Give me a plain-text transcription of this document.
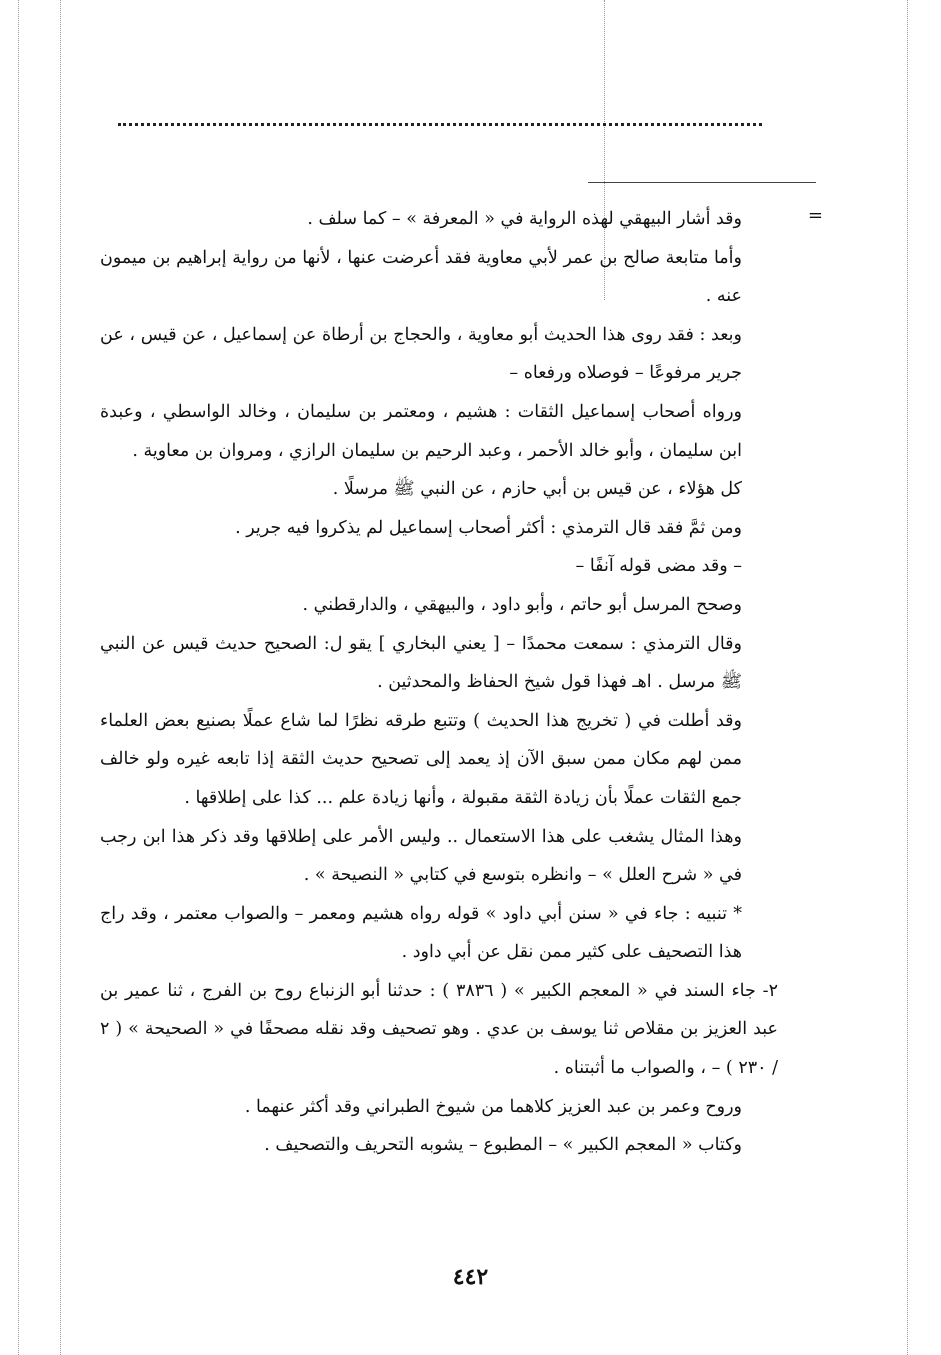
=

وقد أشار البيهقي لهذه الرواية في « المعرفة » – كما سلف .

وأما متابعة صالح بن عمر لأبي معاوية فقد أعرضت عنها ، لأنها من رواية إبراهيم بن ميمون عنه .

وبعد : فقد روى هذا الحديث أبو معاوية ، والحجاج بن أرطاة عن إسماعيل ، عن قيس ، عن جرير مرفوعًا – فوصلاه ورفعاه –

ورواه أصحاب إسماعيل الثقات : هشيم ، ومعتمر بن سليمان ، وخالد الواسطي ، وعبدة ابن سليمان ، وأبو خالد الأحمر ، وعبد الرحيم بن سليمان الرازي ، ومروان بن معاوية .

كل هؤلاء ، عن قيس بن أبي حازم ، عن النبي ﷺ مرسلًا .

ومن ثمَّ فقد قال الترمذي : أكثر أصحاب إسماعيل لم يذكروا فيه جرير .

– وقد مضى قوله آنفًا –

وصحح المرسل أبو حاتم ، وأبو داود ، والبيهقي ، والدارقطني .

وقال الترمذي : سمعت محمدًا – [ يعني البخاري ] يقو ل: الصحيح حديث قيس عن النبي ﷺ مرسل . اهـ فهذا قول شيخ الحفاظ والمحدثين .

وقد أطلت في ( تخريج هذا الحديث ) وتتبع طرقه نظرًا لما شاع عملًا بصنيع بعض العلماء ممن لهم مكان ممن سبق الآن إذ يعمد إلى تصحيح حديث الثقة إذا تابعه غيره ولو خالف جمع الثقات عملًا بأن زيادة الثقة مقبولة ، وأنها زيادة علم ... كذا على إطلاقها .

وهذا المثال يشغب على هذا الاستعمال .. وليس الأمر على إطلاقها وقد ذكر هذا ابن رجب في « شرح العلل » – وانظره بتوسع في كتابي « النصيحة » .

* تنبيه : جاء في « سنن أبي داود » قوله رواه هشيم ومعمر – والصواب معتمر ، وقد راج هذا التصحيف على كثير ممن نقل عن أبي داود .

٢- جاء السند في « المعجم الكبير » ( ٣٨٣٦ ) : حدثنا أبو الزنباع روح بن الفرج ، ثنا عمير بن عبد العزيز بن مقلاص ثنا يوسف بن عدي . وهو تصحيف وقد نقله مصحفًا في « الصحيحة » ( ٢ / ٢٣٠ ) – ، والصواب ما أثبتناه .

وروح وعمر بن عبد العزيز كلاهما من شيوخ الطبراني وقد أكثر عنهما .

وكتاب « المعجم الكبير » – المطبوع – يشوبه التحريف والتصحيف .

٤٤٢
